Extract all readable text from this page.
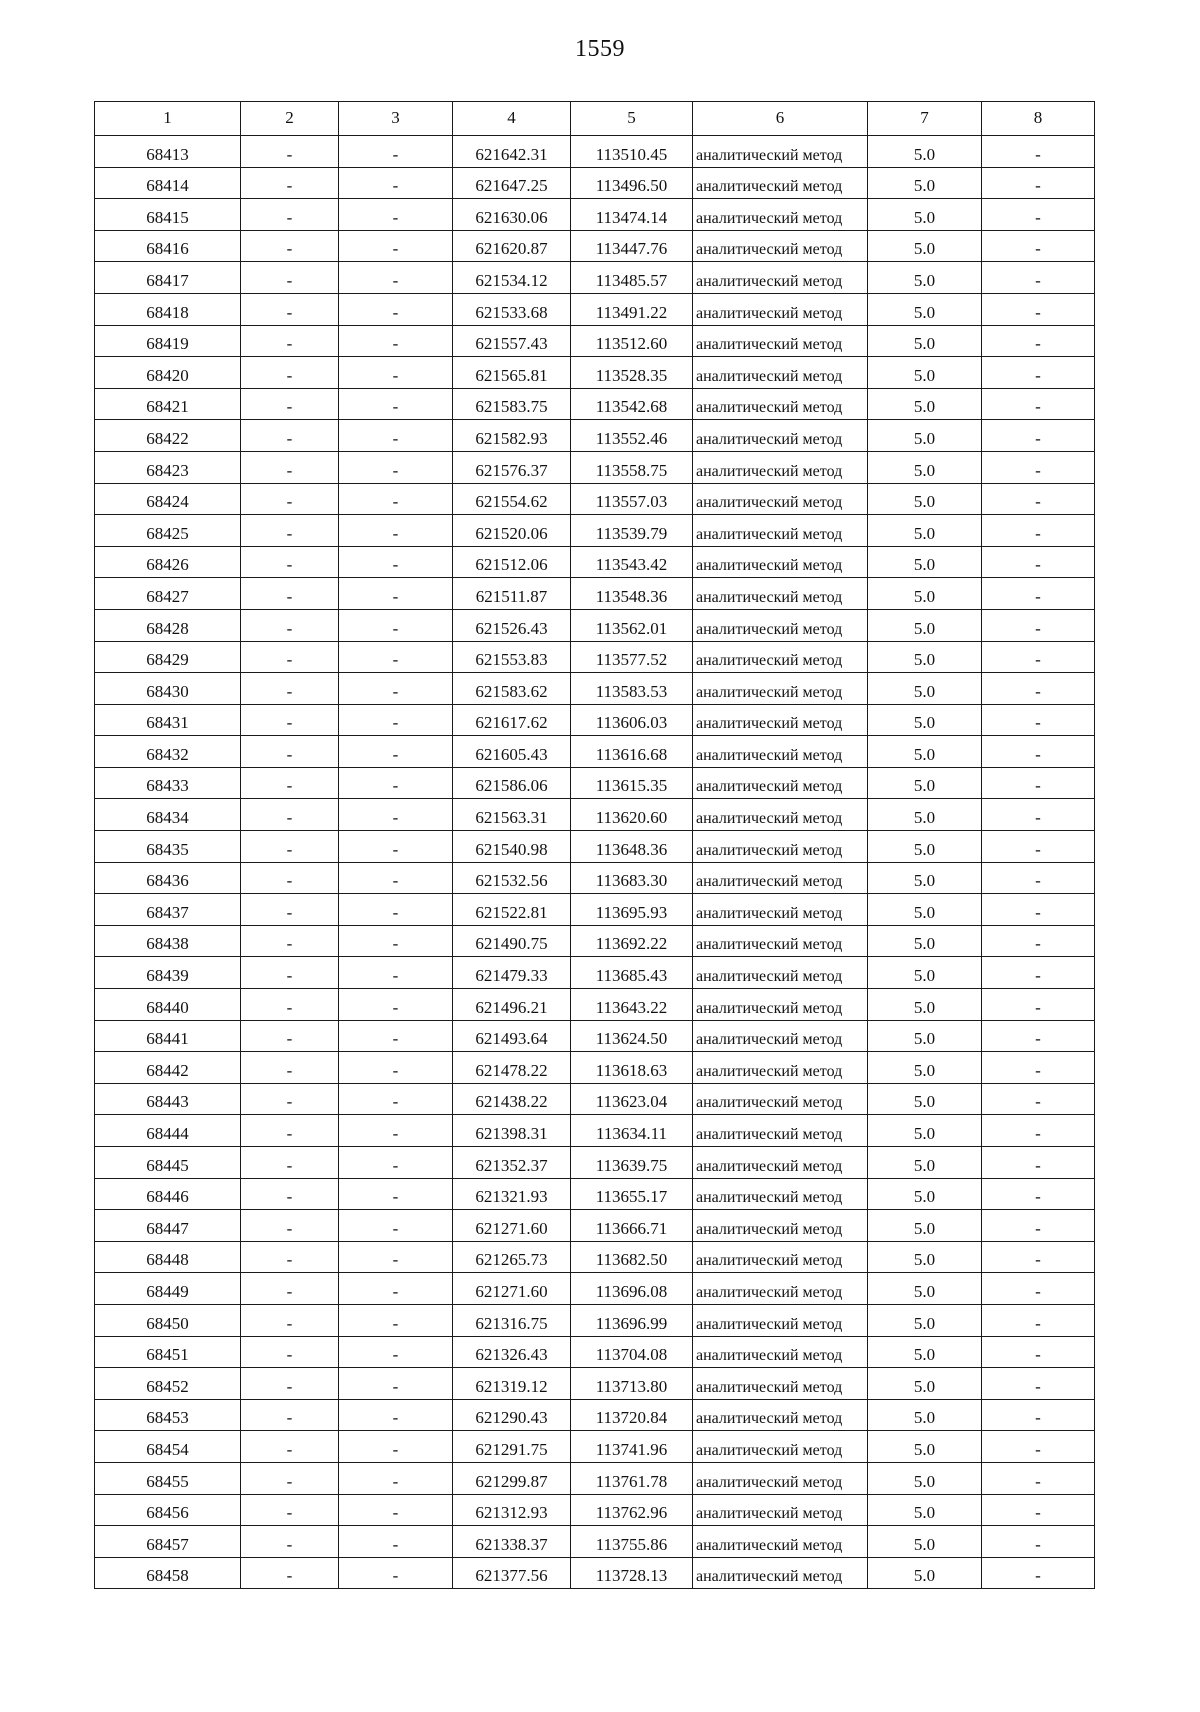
1559
1	2	3	4	5	6	7	8
68413	-	-	621642.31	113510.45	аналитический метод	5.0	-
68414	-	-	621647.25	113496.50	аналитический метод	5.0	-
68415	-	-	621630.06	113474.14	аналитический метод	5.0	-
68416	-	-	621620.87	113447.76	аналитический метод	5.0	-
68417	-	-	621534.12	113485.57	аналитический метод	5.0	-
68418	-	-	621533.68	113491.22	аналитический метод	5.0	-
68419	-	-	621557.43	113512.60	аналитический метод	5.0	-
68420	-	-	621565.81	113528.35	аналитический метод	5.0	-
68421	-	-	621583.75	113542.68	аналитический метод	5.0	-
68422	-	-	621582.93	113552.46	аналитический метод	5.0	-
68423	-	-	621576.37	113558.75	аналитический метод	5.0	-
68424	-	-	621554.62	113557.03	аналитический метод	5.0	-
68425	-	-	621520.06	113539.79	аналитический метод	5.0	-
68426	-	-	621512.06	113543.42	аналитический метод	5.0	-
68427	-	-	621511.87	113548.36	аналитический метод	5.0	-
68428	-	-	621526.43	113562.01	аналитический метод	5.0	-
68429	-	-	621553.83	113577.52	аналитический метод	5.0	-
68430	-	-	621583.62	113583.53	аналитический метод	5.0	-
68431	-	-	621617.62	113606.03	аналитический метод	5.0	-
68432	-	-	621605.43	113616.68	аналитический метод	5.0	-
68433	-	-	621586.06	113615.35	аналитический метод	5.0	-
68434	-	-	621563.31	113620.60	аналитический метод	5.0	-
68435	-	-	621540.98	113648.36	аналитический метод	5.0	-
68436	-	-	621532.56	113683.30	аналитический метод	5.0	-
68437	-	-	621522.81	113695.93	аналитический метод	5.0	-
68438	-	-	621490.75	113692.22	аналитический метод	5.0	-
68439	-	-	621479.33	113685.43	аналитический метод	5.0	-
68440	-	-	621496.21	113643.22	аналитический метод	5.0	-
68441	-	-	621493.64	113624.50	аналитический метод	5.0	-
68442	-	-	621478.22	113618.63	аналитический метод	5.0	-
68443	-	-	621438.22	113623.04	аналитический метод	5.0	-
68444	-	-	621398.31	113634.11	аналитический метод	5.0	-
68445	-	-	621352.37	113639.75	аналитический метод	5.0	-
68446	-	-	621321.93	113655.17	аналитический метод	5.0	-
68447	-	-	621271.60	113666.71	аналитический метод	5.0	-
68448	-	-	621265.73	113682.50	аналитический метод	5.0	-
68449	-	-	621271.60	113696.08	аналитический метод	5.0	-
68450	-	-	621316.75	113696.99	аналитический метод	5.0	-
68451	-	-	621326.43	113704.08	аналитический метод	5.0	-
68452	-	-	621319.12	113713.80	аналитический метод	5.0	-
68453	-	-	621290.43	113720.84	аналитический метод	5.0	-
68454	-	-	621291.75	113741.96	аналитический метод	5.0	-
68455	-	-	621299.87	113761.78	аналитический метод	5.0	-
68456	-	-	621312.93	113762.96	аналитический метод	5.0	-
68457	-	-	621338.37	113755.86	аналитический метод	5.0	-
68458	-	-	621377.56	113728.13	аналитический метод	5.0	-
